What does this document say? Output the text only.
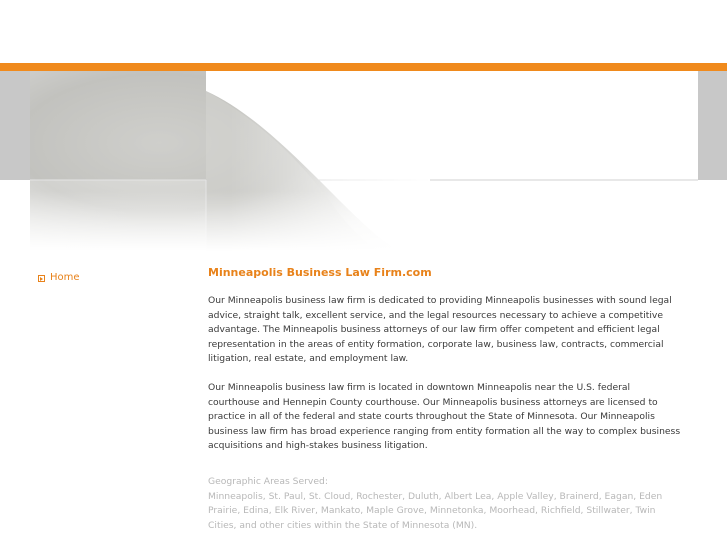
Home	Minneapolis Business Law Firm.com

Our Minneapolis business law firm is dedicated to providing Minneapolis businesses with sound legal advice, straight talk, excellent service, and the legal resources necessary to achieve a competitive advantage. The Minneapolis business attorneys of our law firm offer competent and efficient legal representation in the areas of entity formation, corporate law, business law, contracts, commercial litigation, real estate, and employment law.

Our Minneapolis business law firm is located in downtown Minneapolis near the U.S. federal courthouse and Hennepin County courthouse. Our Minneapolis business attorneys are licensed to practice in all of the federal and state courts throughout the State of Minnesota. Our Minneapolis business law firm has broad experience ranging from entity formation all the way to complex business acquisitions and high-stakes business litigation.

Geographic Areas Served:
Minneapolis, St. Paul, St. Cloud, Rochester, Duluth, Albert Lea, Apple Valley, Brainerd, Eagan, Eden Prairie, Edina, Elk River, Mankato, Maple Grove, Minnetonka, Moorhead, Richfield, Stillwater, Twin Cities, and other cities within the State of Minnesota (MN).
